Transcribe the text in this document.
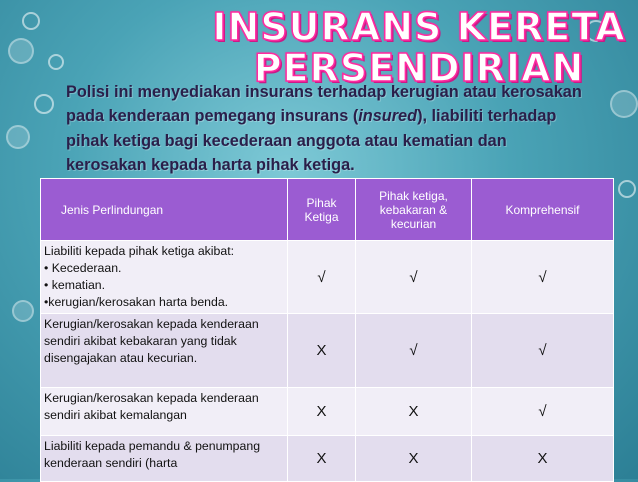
INSURANS KERETA
PERSENDIRIAN
Polisi ini menyediakan insurans terhadap kerugian atau kerosakan pada kenderaan pemegang insurans (insured), liabiliti terhadap pihak ketiga bagi kecederaan anggota atau kematian dan kerosakan kepada harta pihak ketiga.
Jenis Perlindungan	Pihak Ketiga	Pihak ketiga, kebakaran & kecurian	Komprehensif

Liabiliti kepada pihak ketiga akibat:
• Kecederaan.
• kematian.
•kerugian/kerosakan harta benda.	√	√	√
Kerugian/kerosakan kepada kenderaan sendiri akibat kebakaran yang tidak disengajakan atau kecurian.	X	√	√
Kerugian/kerosakan kepada kenderaan sendiri akibat kemalangan	X	X	√
Liabiliti kepada pemandu & penumpang kenderaan sendiri (harta	X	X	X
